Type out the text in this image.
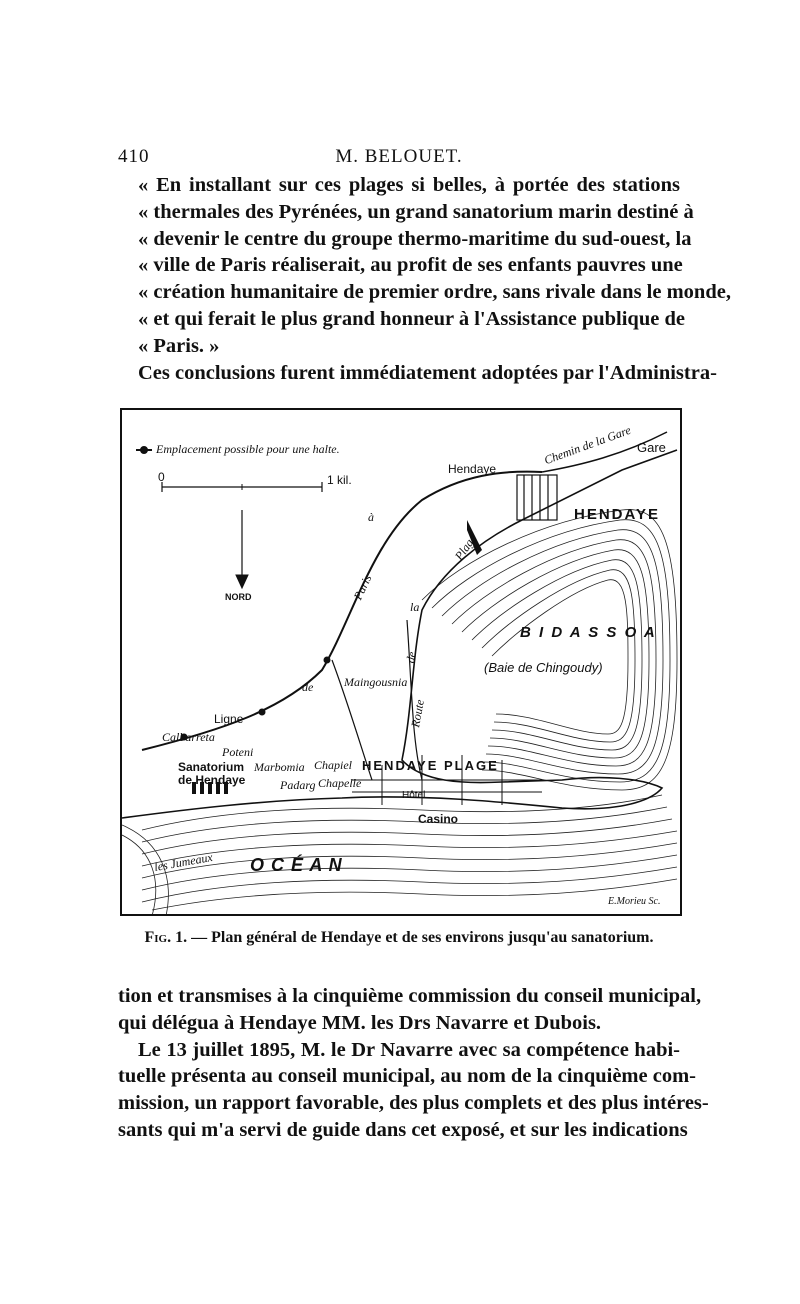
410	M. BELOUET.
« En installant sur ces plages si belles, à portée des stations
« thermales des Pyrénées, un grand sanatorium marin destiné à
« devenir le centre du groupe thermo-maritime du sud-ouest, la
« ville de Paris réaliserait, au profit de ses enfants pauvres une
« création humanitaire de premier ordre, sans rivale dans le monde,
« et qui ferait le plus grand honneur à l'Assistance publique de
« Paris. »
Ces conclusions furent immédiatement adoptées par l'Administra-
Emplacement possible pour une halte.
0	1 kil.
NORD
Hendaye
Chemin de la Gare Gare
HENDAYE
B I D A S S O A
(Baie de Chingoudy)
Paris
Plage
à
la
de
Route
Maingousnia
de
Ligne
Calbarreta
Poteni
Sanatorium
de Hendaye
Marbomia Chapiel
Padarg Chapelle
HENDAYE PLAGE
Hôtel
Casino
les Jumeaux O C É A N
E.Morieu Sc.
Fig. 1. — Plan général de Hendaye et de ses environs jusqu'au sanatorium.
tion et transmises à la cinquième commission du conseil municipal,
qui délégua à Hendaye MM. les Drs Navarre et Dubois.
Le 13 juillet 1895, M. le Dr Navarre avec sa compétence habi-
tuelle présenta au conseil municipal, au nom de la cinquième com-
mission, un rapport favorable, des plus complets et des plus intéres-
sants qui m'a servi de guide dans cet exposé, et sur les indications
